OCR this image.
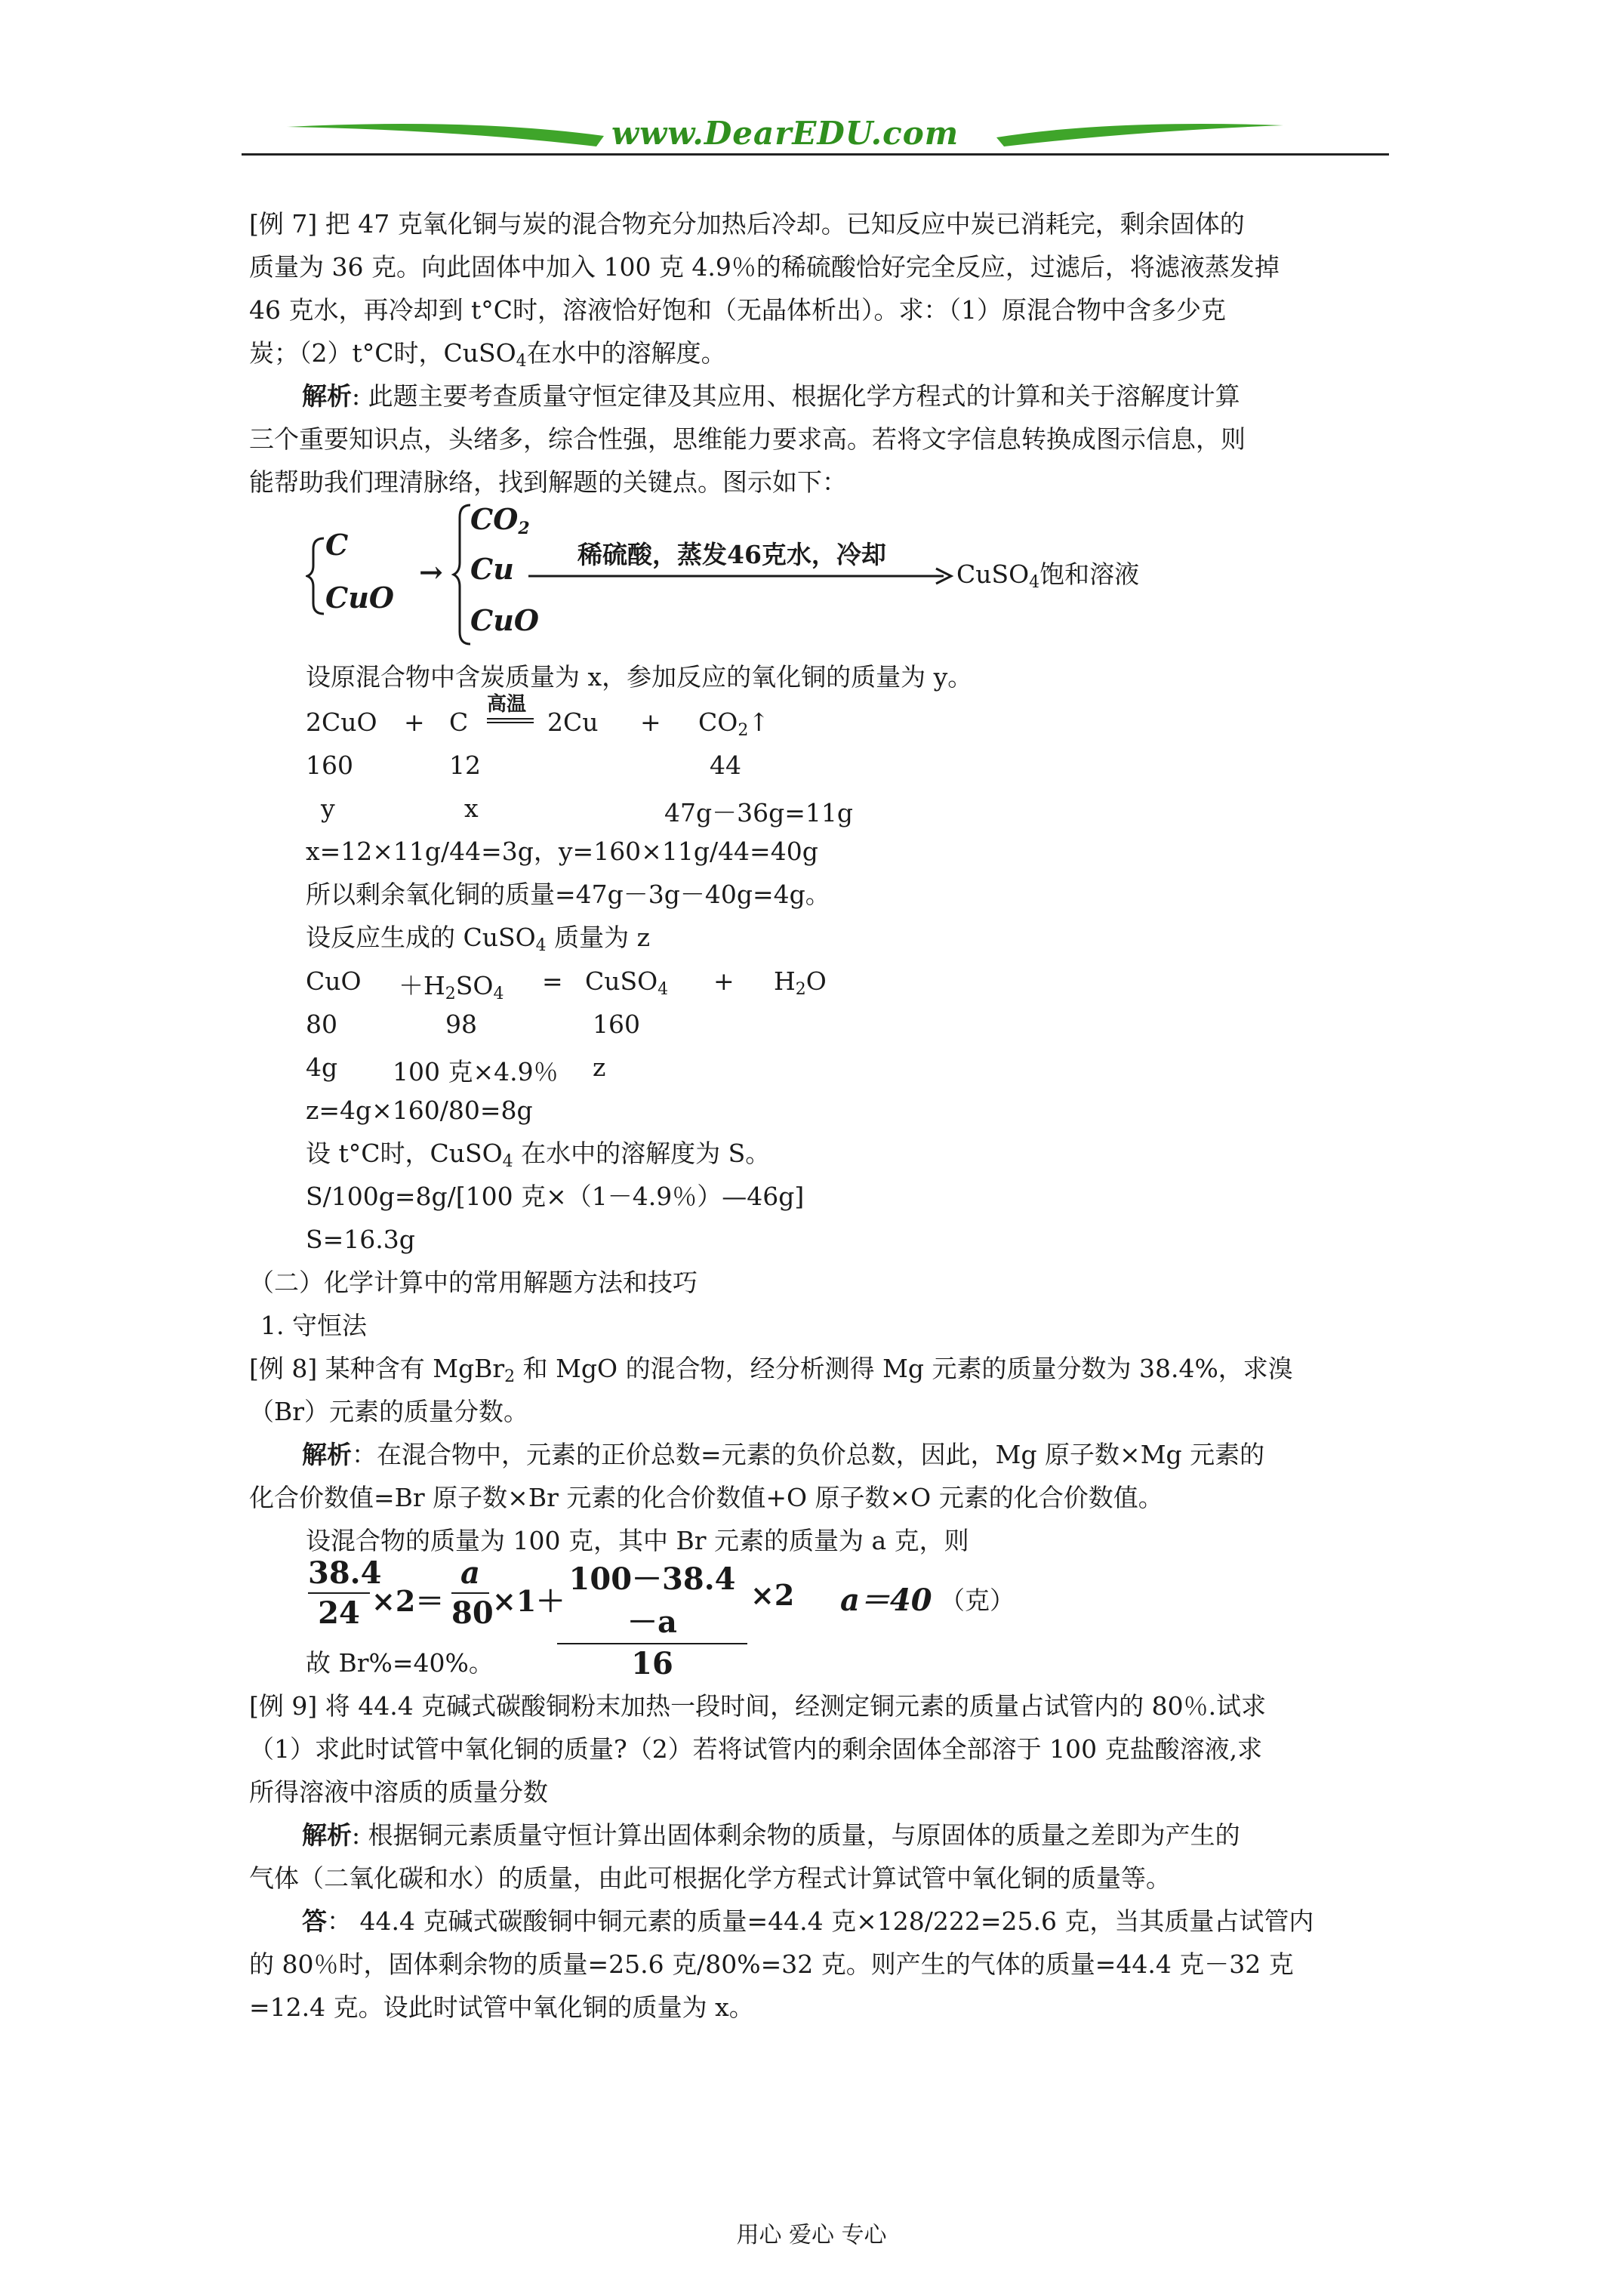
www.DearEDU.com
[例 7] 把 47 克氧化铜与炭的混合物充分加热后冷却。已知反应中炭已消耗完，剩余固体的
质量为 36 克。向此固体中加入 100 克 4.9％的稀硫酸恰好完全反应，过滤后，将滤液蒸发掉
46 克水，再冷却到 t°C时，溶液恰好饱和（无晶体析出）。求：（1）原混合物中含多少克
炭；（2）t°C时，CuSO$_4$在水中的溶解度。
解析: 此题主要考查质量守恒定律及其应用、根据化学方程式的计算和关于溶解度计算
三个重要知识点，头绪多，综合性强，思维能力要求高。若将文字信息转换成图示信息，则
能帮助我们理清脉络，找到解题的关键点。图示如下：
C
CuO
→
$CO_2$
Cu
CuO
稀硫酸，蒸发46克水，冷却
CuSO$_4$饱和溶液
设原混合物中含炭质量为 x，参加反应的氧化铜的质量为 y。
2CuO + C
高温
$2Cu + CO_2↑$
160	12	44
y	x	47g－36g=11g
x=12×11g/44=3g，y=160×11g/44=40g
所以剩余氧化铜的质量=47g－3g－40g=4g。
设反应生成的 CuSO$_4$ 质量为 z
CuO $+H_2SO_4$ = CuSO$_4$ + $H_2O$
80	98	160
4g 100 克×4.9％ z
z=4g×160/80=8g
设 t°C时，CuSO$_4$ 在水中的溶解度为 S。
S/100g=8g/[100 克×（1－4.9％）—46g]
S=16.3g
（二）化学计算中的常用解题方法和技巧
1. 守恒法
[例 8] 某种含有 MgBr$_2$ 和 MgO 的混合物，经分析测得 Mg 元素的质量分数为 38.4%，求溴
（Br）元素的质量分数。
解析：在混合物中，元素的正价总数=元素的负价总数，因此，Mg 原子数×Mg 元素的
化合价数值=Br 原子数×Br 元素的化合价数值+O 原子数×O 元素的化合价数值。
设混合物的质量为 100 克，其中 Br 元素的质量为 a 克，则
38.4
24 ×2＝
a
80
×1＋
100－38.4－a
16
×2 a＝40 （克）
故 Br%=40%。
[例 9] 将 44.4 克碱式碳酸铜粉末加热一段时间，经测定铜元素的质量占试管内的 80％.试求
（1）求此时试管中氧化铜的质量?（2）若将试管内的剩余固体全部溶于 100 克盐酸溶液,求
所得溶液中溶质的质量分数
解析: 根据铜元素质量守恒计算出固体剩余物的质量，与原固体的质量之差即为产生的
气体（二氧化碳和水）的质量，由此可根据化学方程式计算试管中氧化铜的质量等。
答： 44.4 克碱式碳酸铜中铜元素的质量=44.4 克×128/222=25.6 克，当其质量占试管内
的 80％时，固体剩余物的质量=25.6 克/80%=32 克。则产生的气体的质量=44.4 克－32 克
=12.4 克。设此时试管中氧化铜的质量为 x。
用心 爱心 专心
